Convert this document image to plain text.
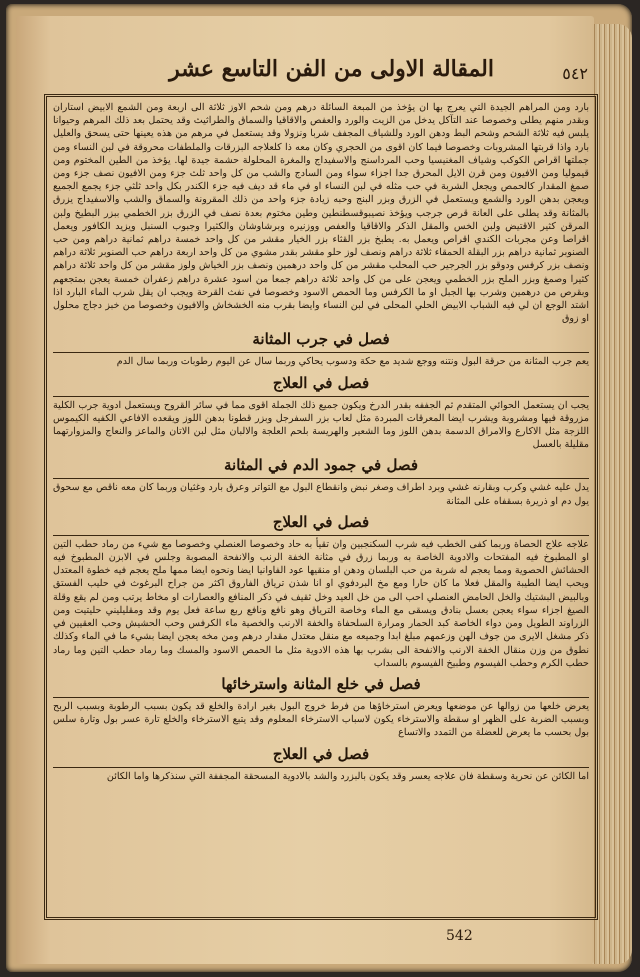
المقالة الاولى من الفن التاسع عشر	٥٤٢

بارد ومن المراهم الجيدة التي يعرج بها ان يؤخذ من المبعة السائلة درهم ومن شحم الاوز ثلاثة الى اربعة ومن الشمع الابيض استاران وبقدر منهم يطلى وخصوصا عند التآكل يدخل من الزيت والورد والعفص والاقاقيا والسماق والطراثيث وقد يحتمل بعد ذلك المرهم وحيوانا يلبس فيه ثلاثة الشحم وشحم البط ودهن الورد وللشياف المجفف شربا ونزولا وقد يستعمل في مرهم من هذه يعينها حتى يسحق والعليل بارد واذا قربتها المشروبات وخصوصا فيما كان اقوى من الحجري وكان معه ذا كلعلاجه البزرقات والملطفات محروقة في لبن النساء ومن جملتها اقراص الكوكب وشياف المغنيسيا وحب المرداسنج والاسفيداج والمغرة المحلولة حشمة جيدة لها. يؤخذ من الطين المختوم ومن قيموليا ومن الافيون ومن قرن الايل المحرق جدا اجزاء سواء ومن السادج والشب من كل واحد ثلث جزء ومن الافيون نصف جزء ومن صمغ المقدار كالحمص ويجعل الشربة في حب مثله في لبن النساء او في ماء قد ديف فيه جزء الكندر بكل واحد ثلثي جزء يجمع الجميع ويعجن بدهن الورد والشمع ويستعمل في الزرق وبزر البنج وحبه زيادة جزء واحد من ذلك المقرونة والسماق والشب والاسفيداج يزرق بالمثانة وقد يطلى على العانة قرص جرجب ويؤخذ نصيبوقسطنطين وطين مختوم بعدة نصف في الزرق بزر الخطمي ببزر البطيخ ولبن المرقن كثير الاقتيض ولبن الخس والمقل الذكر والاقاقيا والعفص ووزنيره وبرشاوشان والكثيرا وجبوب السنبل ويزيد الكافور ويعمل اقراصا وعن مجربات الكندي اقراص ويعمل به. يطبخ بزر القثاء بزر الخيار مقشر من كل واحد خمسة دراهم ثمانية دراهم ومن حب الصنوبر ثمانية دراهم بزر البقلة الحمقاء ثلاثة دراهم ونصف لوز حلو مقشر بقدر مشوي من كل واحد اربعة دراهم حب الصنوبر ثلاثة دراهم ونصف بزر كرفس ودوقو بزر الجرجير حب المحلب مقشر من كل واحد درهمين ونصف بزر الخياش ولوز مقشر من كل واحد ثلاثة دراهم كثيرا وصمغ وبزر الملح بزر الخطمي ويعجن على من كل واحد ثلاثة دراهم جمعا من اسود عشرة دراهم زعفران خمسة يعجن بمتجعهم وبقرص من درهمين وشرب بها الجبل او ما الكرفس وما الحمص الاسود وخصوصا في نفث القرحة ويجب ان يقل شرب الماء البارد اذا اشتد الوجع ان لي فيه الشباب الابيض الحلي المحلى في لبن النساء وايضا بقرب منه الخشخاش والافيون وخصوصا من خبز دجاج محلول او زوق

فصل في جرب المثانة

يعم جرب المثانة من حرقة البول ونتنه ووجع شديد مع حكة ودسوب يحاكي وربما سال عن اليوم رطوبات وربما سال الدم

فصل في العلاج

يجب ان يستعمل الحوائي المتقدم ثم الجففه بقدر الدرخ ويكون جميع ذلك الجملة اقوى مما في سائر القروح ويستعمل ادوية جرب الكلية مزروقة فيها ومشروبة ويشرب ايضا المعرقات المبردة مثل لعاب بزر السفرجل وبزر قطونا بدهن اللوز ويقعده الافاعي الكفيه الكيموس اللزجة مثل الاكارع والامراق الدسمة بدهن اللوز وما الشعير والهريسة بلحم العلجة والالبان مثل لبن الاتان والماعز والنعاج والمزوارتهما مقليلة بالعسل

فصل في جمود الدم في المثانة

يدل عليه غشي وكرب وبقارنه غشي وبرد اطراف وصغر نبض وانقطاع البول مع التواتر وعرق بارد وغثيان وربما كان معه ناقص مع سحوق يول دم او ذريرة بسقفاه على المثانة

فصل في العلاج

علاجه علاج الحصاة وربما كفى الخطب فيه شرب السكنجبين وان تقيأ به حاد وخصوصا العنصلي وخصوصا مع شيء من رماد حطب التين او المطبوخ فيه المفتحات والادوية الخاصة به وربما زرق في مثانة الخفة الرنب والانفحة المصوبة وجلس في الابزن المطبوخ فيه الحشائش الحصوية ومما يعجم له شربة من حب البلسان ودهن او منقيها عود الفاوانيا ايضا ونحوه ايضا ممها ملح يعجم فيه خطوة المعتدل ويحب ايضا الطيبة والمقل فعلا ما كان حارا ومع مخ البردفوي او انا شذن ترياق الفاروق اكثر من جراح البرغوث في حليب الفستق وبالبيض البشتيك والخل الحامض العنصلي احب الى من خل العيد وخل ثقيف في ذكر المنافع والعصارات او مخاط يرتب ومن لم يقع وقلة الصيغ اجزاء سواء يعجن بعسل بنادق ويسقى مع الماء وخاصة الترياق وهو نافع ونافع ربع ساعة فعل يوم وقد ومقليليني حليتيت ومن الزراوند الطويل ومن دواء الخاصة كبد الحمار ومرارة السلحفاة والخفة الارنب والخصية ماء الكرفس وحب الحشيش وحب العقيين في ذكر مشغل الايرى من جوف الهن وزعمهم مبلغ ابدا وجميعه مع منقل معتدل مقدار درهم ومن مخه يعجن ايضا بشيء ما في الماء وكذلك نطوق من وزن منقال الخفة الارنب والانفحة الى بشرب بها هذه الادوية مثل ما الحمص الاسود والمسك وما رماد حطب التين وما رماد حطب الكرم وحطب الفيسوم وطبيخ الفيسوم بالسداب

فصل في خلع المثانة واسترخائها

يعرض خلعها من زوالها عن موضعها ويعرض استرخاؤها من فرط خروج البول بغير ارادة والخلع قد يكون بسبب الرطوبة وبسبب الربح وبسبب الضربة على الظهر او سقطة والاسترخاء يكون لاسباب الاسترخاء المعلوم وقد يتبع الاسترخاء والخلع تارة عسر بول وتارة سلس بول بحسب ما يعرض للعضلة من التمدد والاتساع

فصل في العلاج

اما الكائن عن نحرية وسقطة فان علاجه يعسر وقد يكون بالبزرد والشد بالادوية المسحقة المجففة التي سنذكرها واما الكائن

542
